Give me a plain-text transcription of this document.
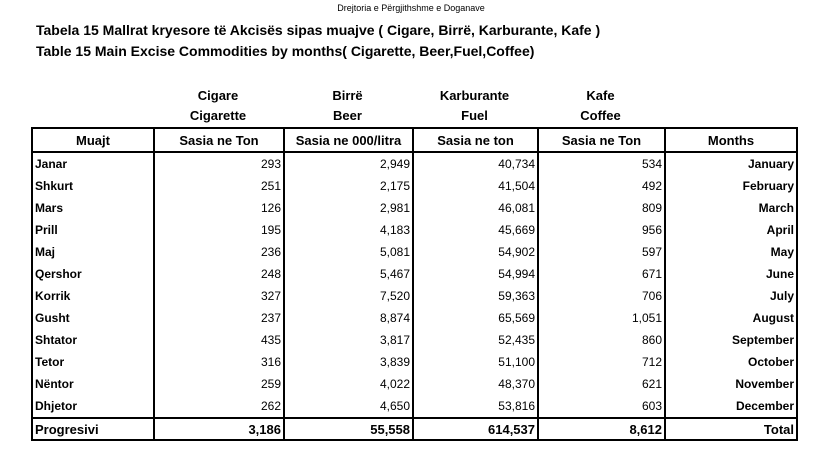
Drejtoria e Përgjithshme e Doganave
Tabela 15 Mallrat kryesore të Akcisës sipas muajve ( Cigare, Birrë, Karburante, Kafe )
Table 15 Main Excise Commodities by months( Cigarette, Beer,Fuel,Coffee)
Cigare
Cigarette
Birrë
Beer
Karburante
Fuel
Kafe
Coffee
Muajt	Sasia ne Ton	Sasia ne 000/litra	Sasia ne ton	Sasia ne Ton	Months
Janar	293	2,949	40,734	534	January
Shkurt	251	2,175	41,504	492	February
Mars	126	2,981	46,081	809	March
Prill	195	4,183	45,669	956	April
Maj	236	5,081	54,902	597	May
Qershor	248	5,467	54,994	671	June
Korrik	327	7,520	59,363	706	July
Gusht	237	8,874	65,569	1,051	August
Shtator	435	3,817	52,435	860	September
Tetor	316	3,839	51,100	712	October
Nëntor	259	4,022	48,370	621	November
Dhjetor	262	4,650	53,816	603	December
Progresivi	3,186	55,558	614,537	8,612	Total
